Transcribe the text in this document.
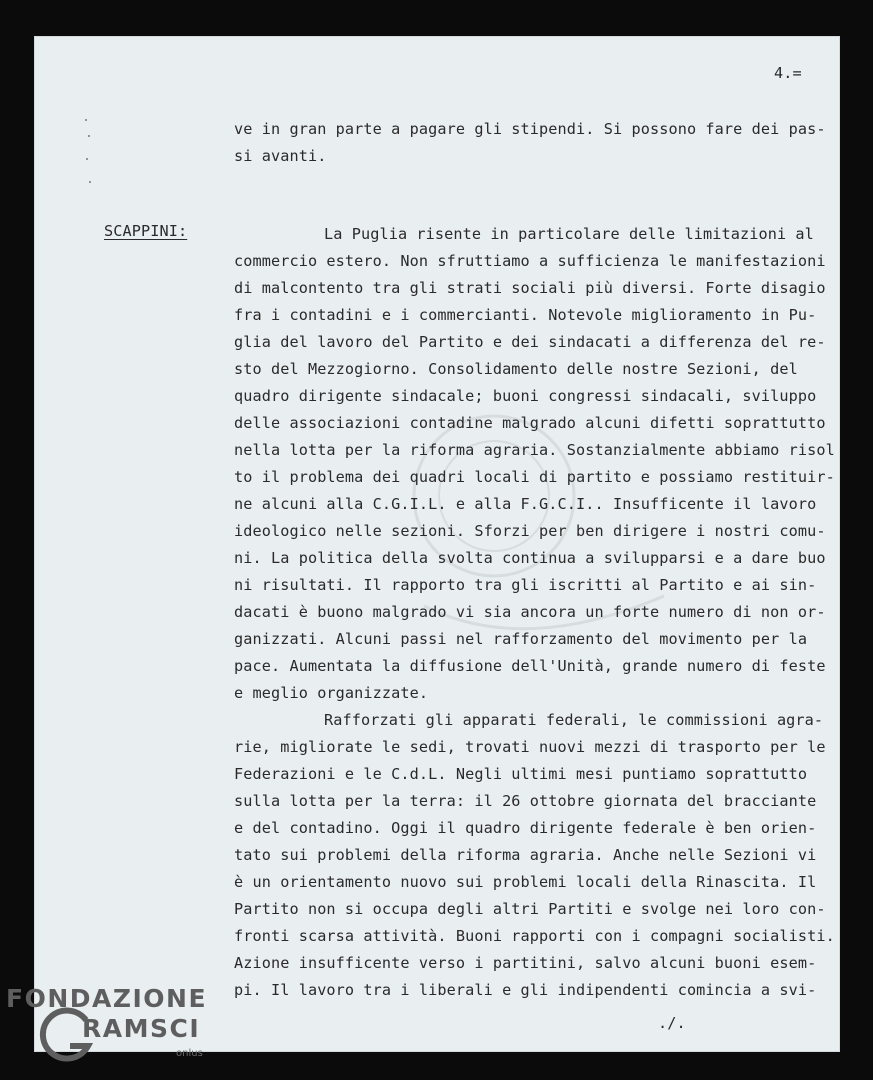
4.=
ve in gran parte a pagare gli stipendi. Si possono fare dei pas-
si avanti.
La Puglia risente in particolare delle limitazioni al
commercio estero. Non sfruttiamo a sufficienza le manifestazioni
di malcontento tra gli strati sociali più diversi. Forte disagio
fra i contadini e i commercianti. Notevole miglioramento in Pu-
glia del lavoro del Partito e dei sindacati a differenza del re-
sto del Mezzogiorno. Consolidamento delle nostre Sezioni, del
quadro dirigente sindacale; buoni congressi sindacali, sviluppo
delle associazioni contadine malgrado alcuni difetti soprattutto
nella lotta per la riforma agraria. Sostanzialmente abbiamo risol
to il problema dei quadri locali di partito e possiamo restituir-
ne alcuni alla C.G.I.L. e alla F.G.C.I.. Insufficente il lavoro
ideologico nelle sezioni. Sforzi per ben dirigere i nostri comu-
ni. La politica della svolta continua a svilupparsi e a dare buo
ni risultati. Il rapporto tra gli iscritti al Partito e ai sin-
dacati è buono malgrado vi sia ancora un forte numero di non or-
ganizzati. Alcuni passi nel rafforzamento del movimento per la
pace. Aumentata la diffusione dell'Unità, grande numero di feste
e meglio organizzate.
Rafforzati gli apparati federali, le commissioni agra-
rie, migliorate le sedi, trovati nuovi mezzi di trasporto per le
Federazioni e le C.d.L. Negli ultimi mesi puntiamo soprattutto
sulla lotta per la terra: il 26 ottobre giornata del bracciante
e del contadino. Oggi il quadro dirigente federale è ben orien-
tato sui problemi della riforma agraria. Anche nelle Sezioni vi
è un orientamento nuovo sui problemi locali della Rinascita. Il
Partito non si occupa degli altri Partiti e svolge nei loro con-
fronti scarsa attività. Buoni rapporti con i compagni socialisti.
Azione insufficente verso i partitini, salvo alcuni buoni esem-
pi. Il lavoro tra i liberali e gli indipendenti comincia a svi-
SCAPPINI:
./.
FONDAZIONE
RAMSCI
onlus
